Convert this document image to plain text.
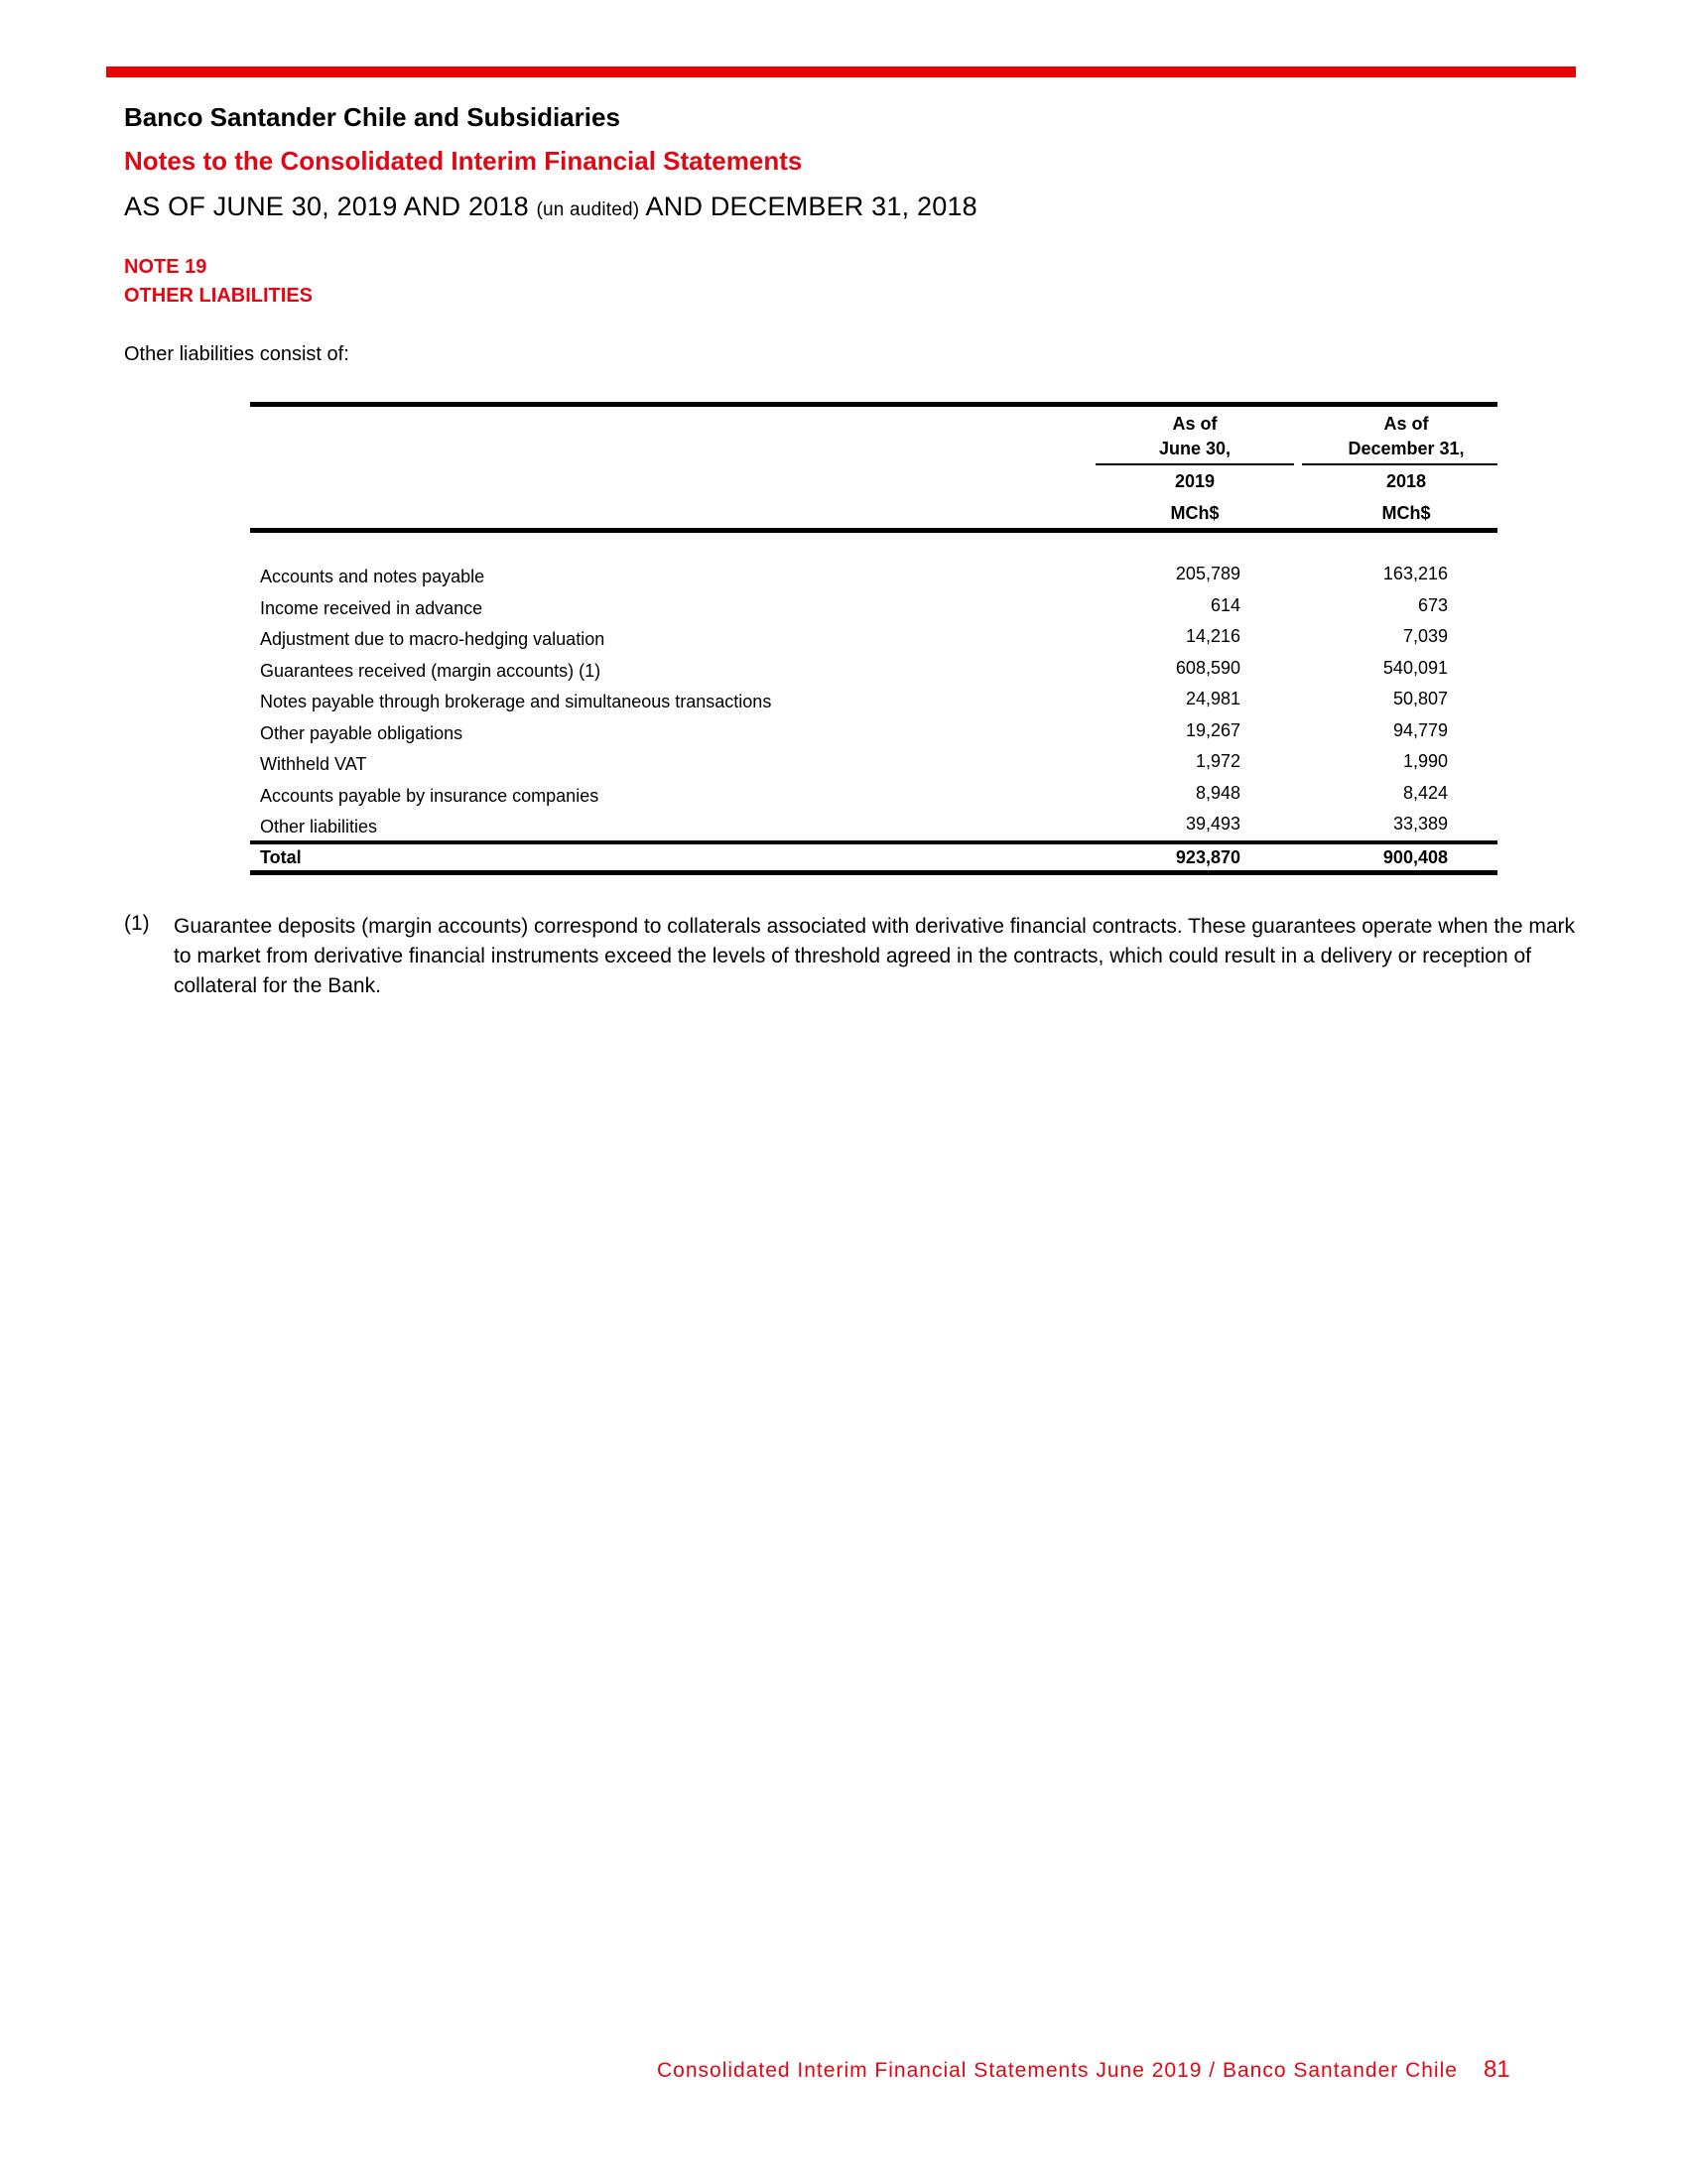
Banco Santander Chile and Subsidiaries
Notes to the Consolidated Interim Financial Statements
AS OF JUNE 30, 2019 AND 2018 (un audited) AND DECEMBER 31, 2018
NOTE 19
OTHER LIABILITIES
Other liabilities consist of:
As of
June 30,
2019
MCh$
As of
December 31,
2018
MCh$
Accounts and notes payable	205,789	163,216
Income received in advance	614	673
Adjustment due to macro-hedging valuation	14,216	7,039
Guarantees received (margin accounts) (1)	608,590	540,091
Notes payable through brokerage and simultaneous transactions	24,981	50,807
Other payable obligations	19,267	94,779
Withheld VAT	1,972	1,990
Accounts payable by insurance companies	8,948	8,424
Other liabilities	39,493	33,389
Total	923,870	900,408
(1) Guarantee deposits (margin accounts) correspond to collaterals associated with derivative financial contracts. These guarantees operate when the mark to market from derivative financial instruments exceed the levels of threshold agreed in the contracts, which could result in a delivery or reception of collateral for the Bank.
Consolidated Interim Financial Statements June 2019 / Banco Santander Chile 81
